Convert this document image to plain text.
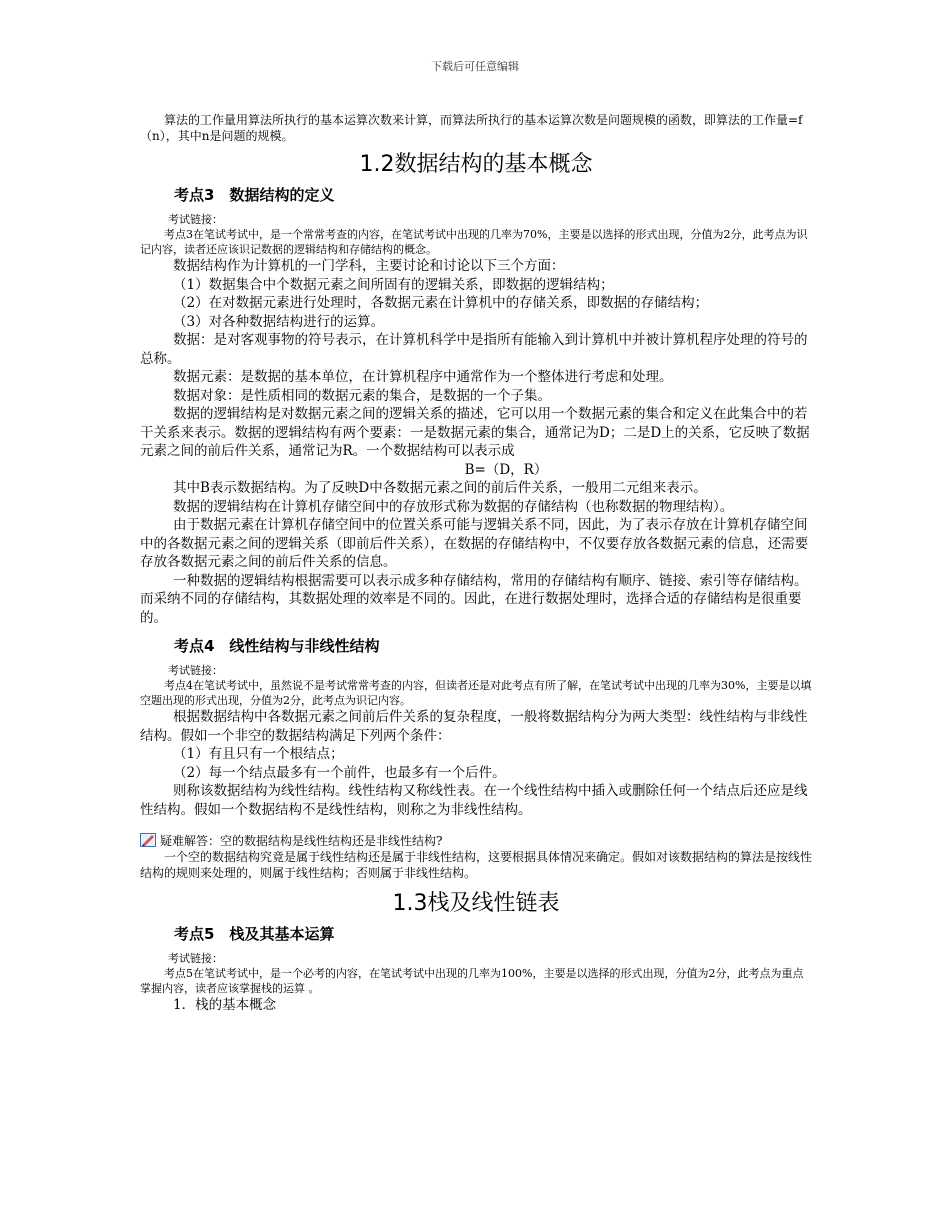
下载后可任意编辑

算法的工作量用算法所执行的基本运算次数来计算，而算法所执行的基本运算次数是问题规模的函数，即算法的工作量=f（n），其中n是问题的规模。

1.2数据结构的基本概念
考点3　数据结构的定义

考试链接：

考点3在笔试考试中，是一个常常考查的内容，在笔试考试中出现的几率为70%，主要是以选择的形式出现，分值为2分，此考点为识记内容，读者还应该识记数据的逻辑结构和存储结构的概念。

数据结构作为计算机的一门学科，主要讨论和讨论以下三个方面：

（1）数据集合中个数据元素之间所固有的逻辑关系，即数据的逻辑结构；

（2）在对数据元素进行处理时，各数据元素在计算机中的存储关系，即数据的存储结构；

（3）对各种数据结构进行的运算。

数据：是对客观事物的符号表示，在计算机科学中是指所有能输入到计算机中并被计算机程序处理的符号的总称。

数据元素：是数据的基本单位，在计算机程序中通常作为一个整体进行考虑和处理。

数据对象：是性质相同的数据元素的集合，是数据的一个子集。

数据的逻辑结构是对数据元素之间的逻辑关系的描述，它可以用一个数据元素的集合和定义在此集合中的若干关系来表示。数据的逻辑结构有两个要素：一是数据元素的集合，通常记为D；二是D上的关系，它反映了数据元素之间的前后件关系，通常记为R。一个数据结构可以表示成

B=（D，R）

其中B表示数据结构。为了反映D中各数据元素之间的前后件关系，一般用二元组来表示。

数据的逻辑结构在计算机存储空间中的存放形式称为数据的存储结构（也称数据的物理结构）。

由于数据元素在计算机存储空间中的位置关系可能与逻辑关系不同，因此，为了表示存放在计算机存储空间中的各数据元素之间的逻辑关系（即前后件关系），在数据的存储结构中，不仅要存放各数据元素的信息，还需要存放各数据元素之间的前后件关系的信息。

一种数据的逻辑结构根据需要可以表示成多种存储结构，常用的存储结构有顺序、链接、索引等存储结构。而采纳不同的存储结构，其数据处理的效率是不同的。因此，在进行数据处理时，选择合适的存储结构是很重要的。

考点4　线性结构与非线性结构

考试链接：

考点4在笔试考试中，虽然说不是考试常常考查的内容，但读者还是对此考点有所了解，在笔试考试中出现的几率为30%，主要是以填空题出现的形式出现，分值为2分，此考点为识记内容。

根据数据结构中各数据元素之间前后件关系的复杂程度，一般将数据结构分为两大类型：线性结构与非线性结构。假如一个非空的数据结构满足下列两个条件：

（1）有且只有一个根结点；

（2）每一个结点最多有一个前件，也最多有一个后件。

则称该数据结构为线性结构。线性结构又称线性表。在一个线性结构中插入或删除任何一个结点后还应是线性结构。假如一个数据结构不是线性结构，则称之为非线性结构。

疑难解答：空的数据结构是线性结构还是非线性结构?

一个空的数据结构究竟是属于线性结构还是属于非线性结构，这要根据具体情况来确定。假如对该数据结构的算法是按线性结构的规则来处理的，则属于线性结构；否则属于非线性结构。

1.3栈及线性链表
考点5　栈及其基本运算

考试链接：

考点5在笔试考试中，是一个必考的内容，在笔试考试中出现的几率为100%，主要是以选择的形式出现，分值为2分，此考点为重点掌握内容，读者应该掌握栈的运算 。

1．栈的基本概念
